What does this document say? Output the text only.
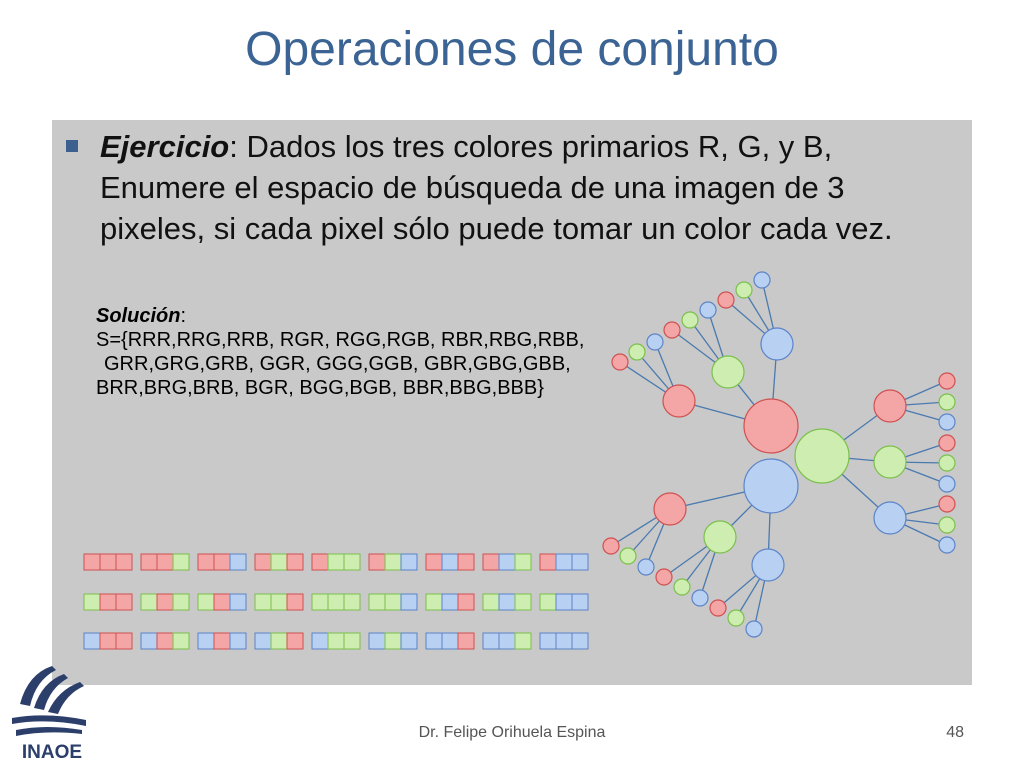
Operaciones de conjunto
Ejercicio: Dados los tres colores primarios R, G, y B, Enumere el espacio de búsqueda de una imagen de 3 pixeles, si cada pixel sólo puede tomar un color cada vez.
Solución:
S={RRR,RRG,RRB, RGR, RGG,RGB, RBR,RBG,RBB,
GRR,GRG,GRB, GGR, GGG,GGB, GBR,GBG,GBB,
BRR,BRG,BRB, BGR, BGG,BGB, BBR,BBG,BBB}
Dr. Felipe Orihuela Espina	48
INAOE
